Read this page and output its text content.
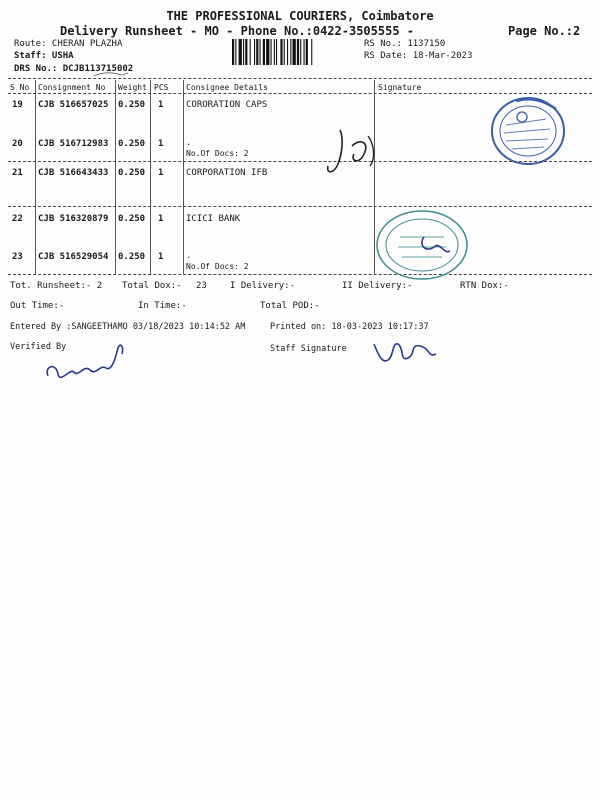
THE PROFESSIONAL COURIERS, Coimbatore
Delivery Runsheet - MO - Phone No.:0422-3505555 -	Page No.:2
Route: CHERAN PLAZHA
Staff: USHA
DRS No.: DCJB113715002
RS No.: 1137150
RS Date: 18-Mar-2023
S No Consignment No Weight PCS Consignee Details	Signature
19 CJB 516657025 0.250 1	CORORATION CAPS
20 CJB 516712983 0.250 1	.
No.Of Docs: 2
21 CJB 516643433 0.250 1	CORPORATION IFB
22 CJB 516320879 0.250 1	ICICI BANK
23 CJB 516529054 0.250 1	.
No.Of Docs: 2
Tot. Runsheet:- 2 Total Dox:- 23	I Delivery:-	II Delivery:-	RTN Dox:-
Out Time:-	In Time:-	Total POD:-
Entered By :SANGEETHAMO 03/18/2023 10:14:52 AM	Printed on: 18-03-2023 10:17:37
Verified By	Staff Signature
